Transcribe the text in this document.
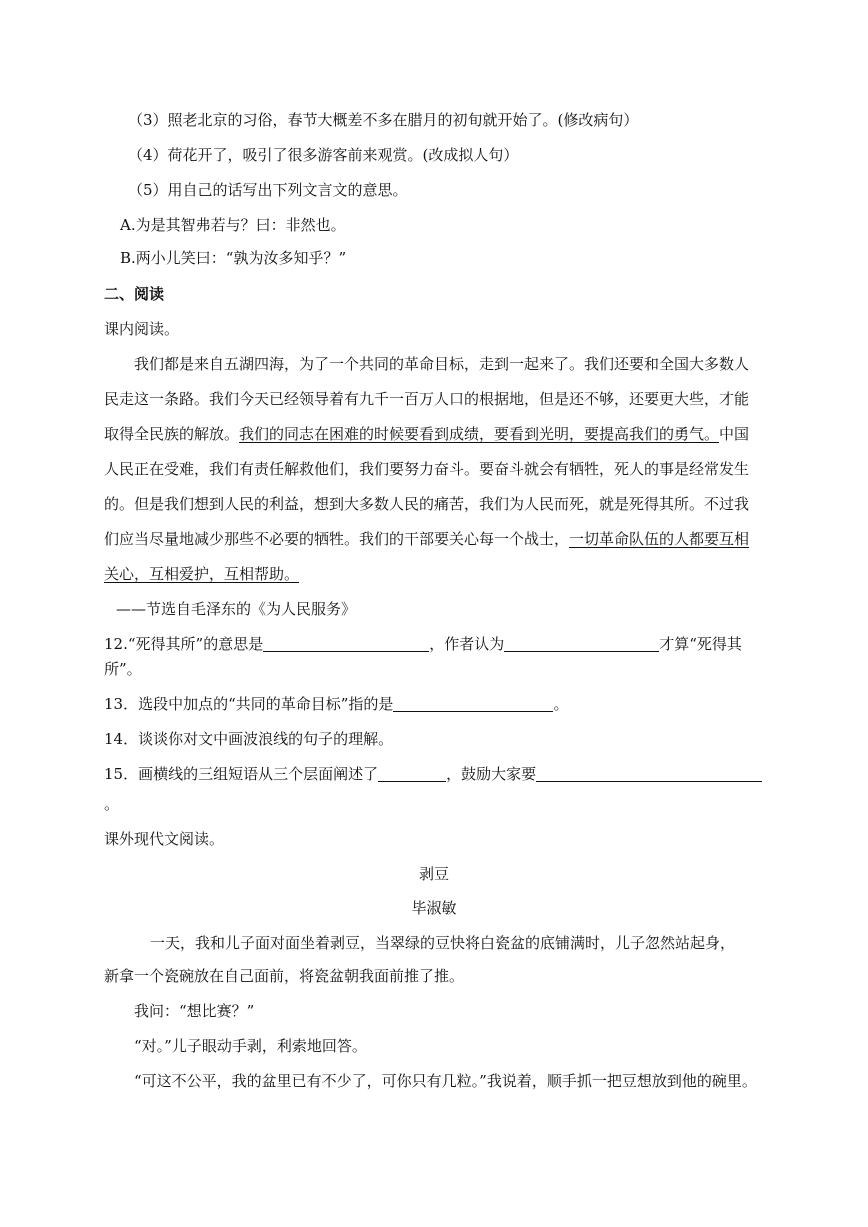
（3）照老北京的习俗，春节大概差不多在腊月的初旬就开始了。(修改病句）
（4）荷花开了，吸引了很多游客前来观赏。(改成拟人句）
（5）用自己的话写出下列文言文的意思。
A.为是其智弗若与？曰：非然也。
B.两小儿笑曰：“孰为汝多知乎？”
二、阅读
课内阅读。
我们都是来自五湖四海，为了一个共同的革命目标，走到一起来了。我们还要和全国大多数人
民走这一条路。我们今天已经领导着有九千一百万人口的根据地，但是还不够，还要更大些，才能
取得全民族的解放。我们的同志在困难的时候要看到成绩，要看到光明，要提高我们的勇气。中国
人民正在受难，我们有责任解救他们，我们要努力奋斗。要奋斗就会有牺牲，死人的事是经常发生
的。但是我们想到人民的利益，想到大多数人民的痛苦，我们为人民而死，就是死得其所。不过我
们应当尽量地减少那些不必要的牺牲。我们的干部要关心每一个战士，一切革命队伍的人都要互相
关心，互相爱护，互相帮助。
——节选自毛泽东的《为人民服务》
12.“死得其所”的意思是	，作者认为	才算“死得其
所”。
13．选段中加点的“共同的革命目标”指的是	。
14．谈谈你对文中画波浪线的句子的理解。
15．画横线的三组短语从三个层面阐述了	，鼓励大家要
。
课外现代文阅读。
剥豆
毕淑敏
一天，我和儿子面对面坐着剥豆，当翠绿的豆快将白瓷盆的底铺满时，儿子忽然站起身，
新拿一个瓷碗放在自己面前，将瓷盆朝我面前推了推。
我问：“想比赛？”
“对。”儿子眼动手剥，利索地回答。
“可这不公平，我的盆里已有不少了，可你只有几粒。”我说着，顺手抓一把豆想放到他的碗里。
